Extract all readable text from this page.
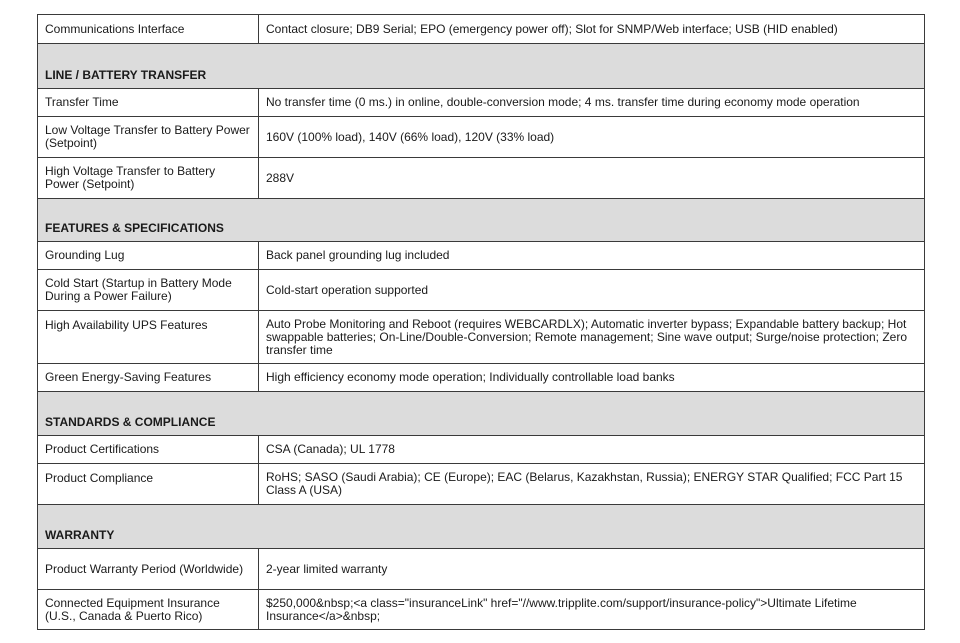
Communications Interface	Contact closure; DB9 Serial; EPO (emergency power off); Slot for SNMP/Web interface; USB (HID enabled)
LINE / BATTERY TRANSFER	
Transfer Time	No transfer time (0 ms.) in online, double-conversion mode; 4 ms. transfer time during economy mode operation
Low Voltage Transfer to Battery Power (Setpoint)	160V (100% load), 140V (66% load), 120V (33% load)
High Voltage Transfer to Battery Power (Setpoint)	288V
FEATURES & SPECIFICATIONS	
Grounding Lug	Back panel grounding lug included
Cold Start (Startup in Battery Mode During a Power Failure)	Cold-start operation supported
High Availability UPS Features	Auto Probe Monitoring and Reboot (requires WEBCARDLX); Automatic inverter bypass; Expandable battery backup; Hot swappable batteries; On-Line/Double-Conversion; Remote management; Sine wave output; Surge/noise protection; Zero transfer time
Green Energy-Saving Features	High efficiency economy mode operation; Individually controllable load banks
STANDARDS & COMPLIANCE	
Product Certifications	CSA (Canada); UL 1778
Product Compliance	RoHS; SASO (Saudi Arabia); CE (Europe); EAC (Belarus, Kazakhstan, Russia); ENERGY STAR Qualified; FCC Part 15 Class A (USA)
WARRANTY	
Product Warranty Period (Worldwide)	2-year limited warranty
Connected Equipment Insurance (U.S., Canada & Puerto Rico)	$250,000&nbsp;<a class="insuranceLink" href="//www.tripplite.com/support/insurance-policy">Ultimate Lifetime Insurance</a>&nbsp;
